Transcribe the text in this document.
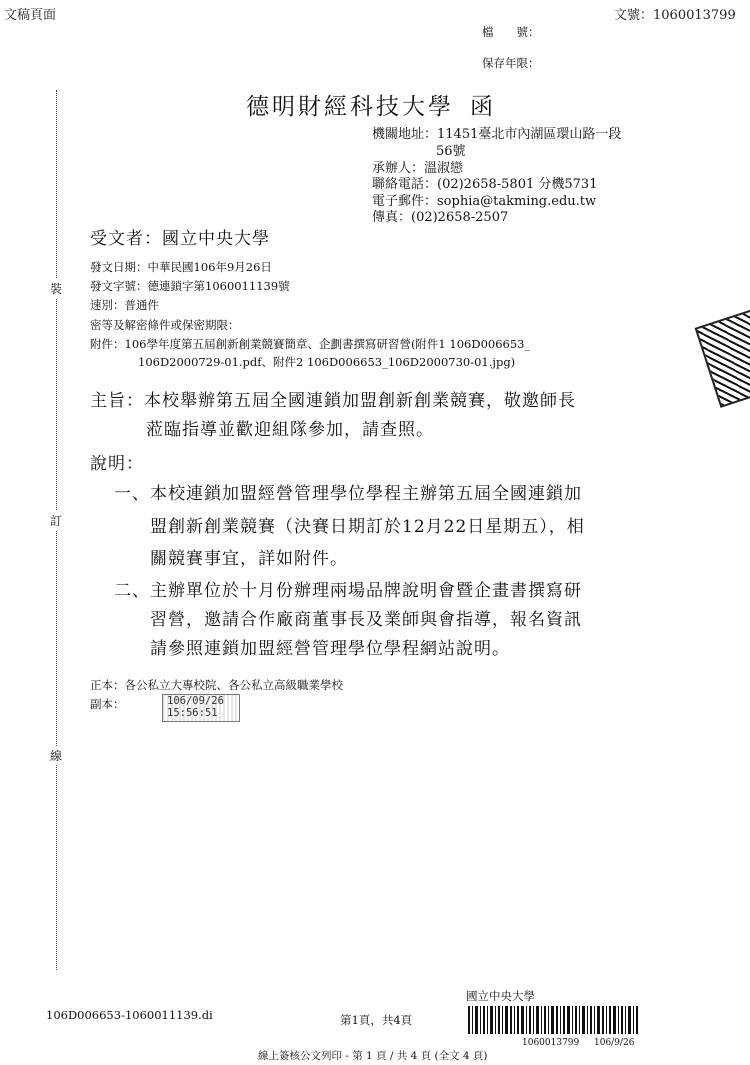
文稿頁面	文號：1060013799
檔　　號：
保存年限：
德明財經科技大學 函
機關地址：11451臺北市內湖區環山路一段
56號
承辦人：溫淑戀
聯絡電話：(02)2658-5801 分機5731
電子郵件：sophia@takming.edu.tw
傳真：(02)2658-2507
受文者：國立中央大學
發文日期：中華民國106年9月26日
發文字號：德連鎖字第1060011139號
速別：普通件
密等及解密條件或保密期限：
附件：106學年度第五屆創新創業競賽簡章、企劃書撰寫研習營(附件1 106D006653_
106D2000729-01.pdf、附件2 106D006653_106D2000730-01.jpg)
主旨：本校舉辦第五屆全國連鎖加盟創新創業競賽，敬邀師長
蒞臨指導並歡迎組隊參加，請查照。
說明：
一、本校連鎖加盟經營管理學位學程主辦第五屆全國連鎖加
盟創新創業競賽（決賽日期訂於12月22日星期五），相
關競賽事宜，詳如附件。
二、主辦單位於十月份辦理兩場品牌說明會暨企畫書撰寫研
習營，邀請合作廠商董事長及業師與會指導，報名資訊
請參照連鎖加盟經營管理學位學程網站說明。
正本：各公私立大專校院、各公私立高級職業學校
副本：	106/09/26
15:56:51
裝
訂
線
106D006653-1060011139.di	第1頁，共4頁
國立中央大學
1060013799 106/9/26
線上簽核公文列印 - 第 1 頁 / 共 4 頁 (全文 4 頁)
